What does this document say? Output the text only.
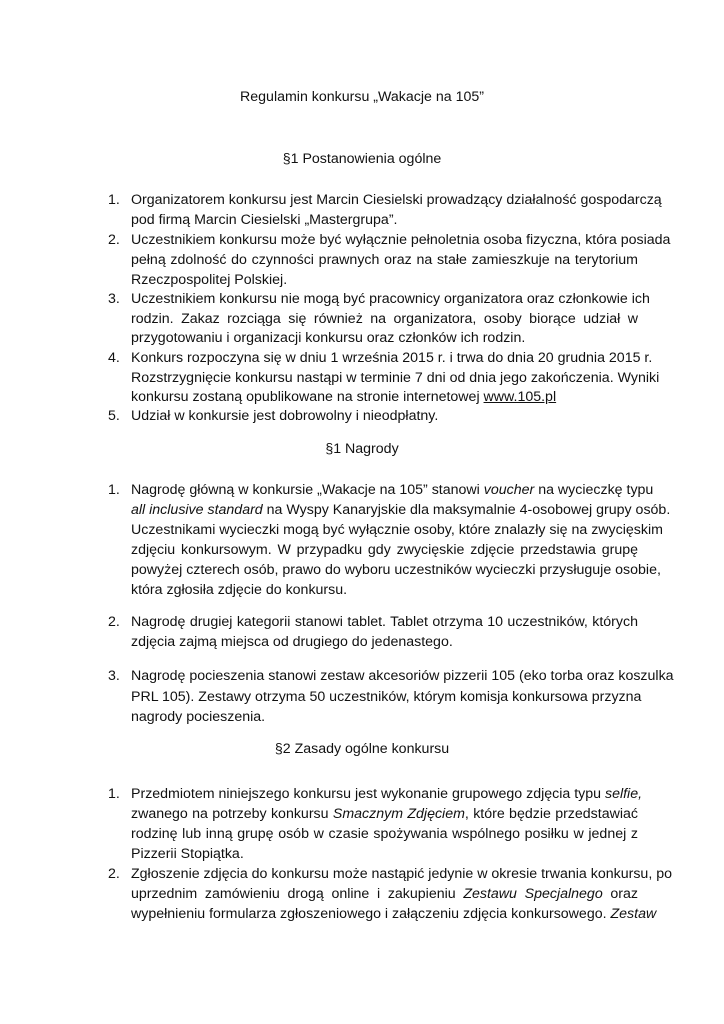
Regulamin konkursu „Wakacje na 105”
§1 Postanowienia ogólne
1. Organizatorem konkursu jest Marcin Ciesielski prowadzący działalność gospodarczą
pod firmą Marcin Ciesielski „Mastergrupa”.
2. Uczestnikiem konkursu może być wyłącznie pełnoletnia osoba fizyczna, która posiada
pełną zdolność do czynności prawnych oraz na stałe zamieszkuje na terytorium
Rzeczpospolitej Polskiej.
3. Uczestnikiem konkursu nie mogą być pracownicy organizatora oraz członkowie ich
rodzin. Zakaz rozciąga się również na organizatora, osoby biorące udział w
przygotowaniu i organizacji konkursu oraz członków ich rodzin.
4. Konkurs rozpoczyna się w dniu 1 września 2015 r. i trwa do dnia 20 grudnia 2015 r.
Rozstrzygnięcie konkursu nastąpi w terminie 7 dni od dnia jego zakończenia. Wyniki
konkursu zostaną opublikowane na stronie internetowej www.105.pl
5. Udział w konkursie jest dobrowolny i nieodpłatny.
§1 Nagrody
1. Nagrodę główną w konkursie „Wakacje na 105” stanowi voucher na wycieczkę typu
all inclusive standard na Wyspy Kanaryjskie dla maksymalnie 4-osobowej grupy osób.
Uczestnikami wycieczki mogą być wyłącznie osoby, które znalazły się na zwycięskim
zdjęciu konkursowym. W przypadku gdy zwycięskie zdjęcie przedstawia grupę
powyżej czterech osób, prawo do wyboru uczestników wycieczki przysługuje osobie,
która zgłosiła zdjęcie do konkursu.
2. Nagrodę drugiej kategorii stanowi tablet. Tablet otrzyma 10 uczestników, których
zdjęcia zajmą miejsca od drugiego do jedenastego.
3. Nagrodę pocieszenia stanowi zestaw akcesoriów pizzerii 105 (eko torba oraz koszulka
PRL 105). Zestawy otrzyma 50 uczestników, którym komisja konkursowa przyzna
nagrody pocieszenia.
§2 Zasady ogólne konkursu
1. Przedmiotem niniejszego konkursu jest wykonanie grupowego zdjęcia typu selfie,
zwanego na potrzeby konkursu Smacznym Zdjęciem, które będzie przedstawiać
rodzinę lub inną grupę osób w czasie spożywania wspólnego posiłku w jednej z
Pizzerii Stopiątka.
2. Zgłoszenie zdjęcia do konkursu może nastąpić jedynie w okresie trwania konkursu, po
uprzednim zamówieniu drogą online i zakupieniu Zestawu Specjalnego oraz
wypełnieniu formularza zgłoszeniowego i załączeniu zdjęcia konkursowego. Zestaw
